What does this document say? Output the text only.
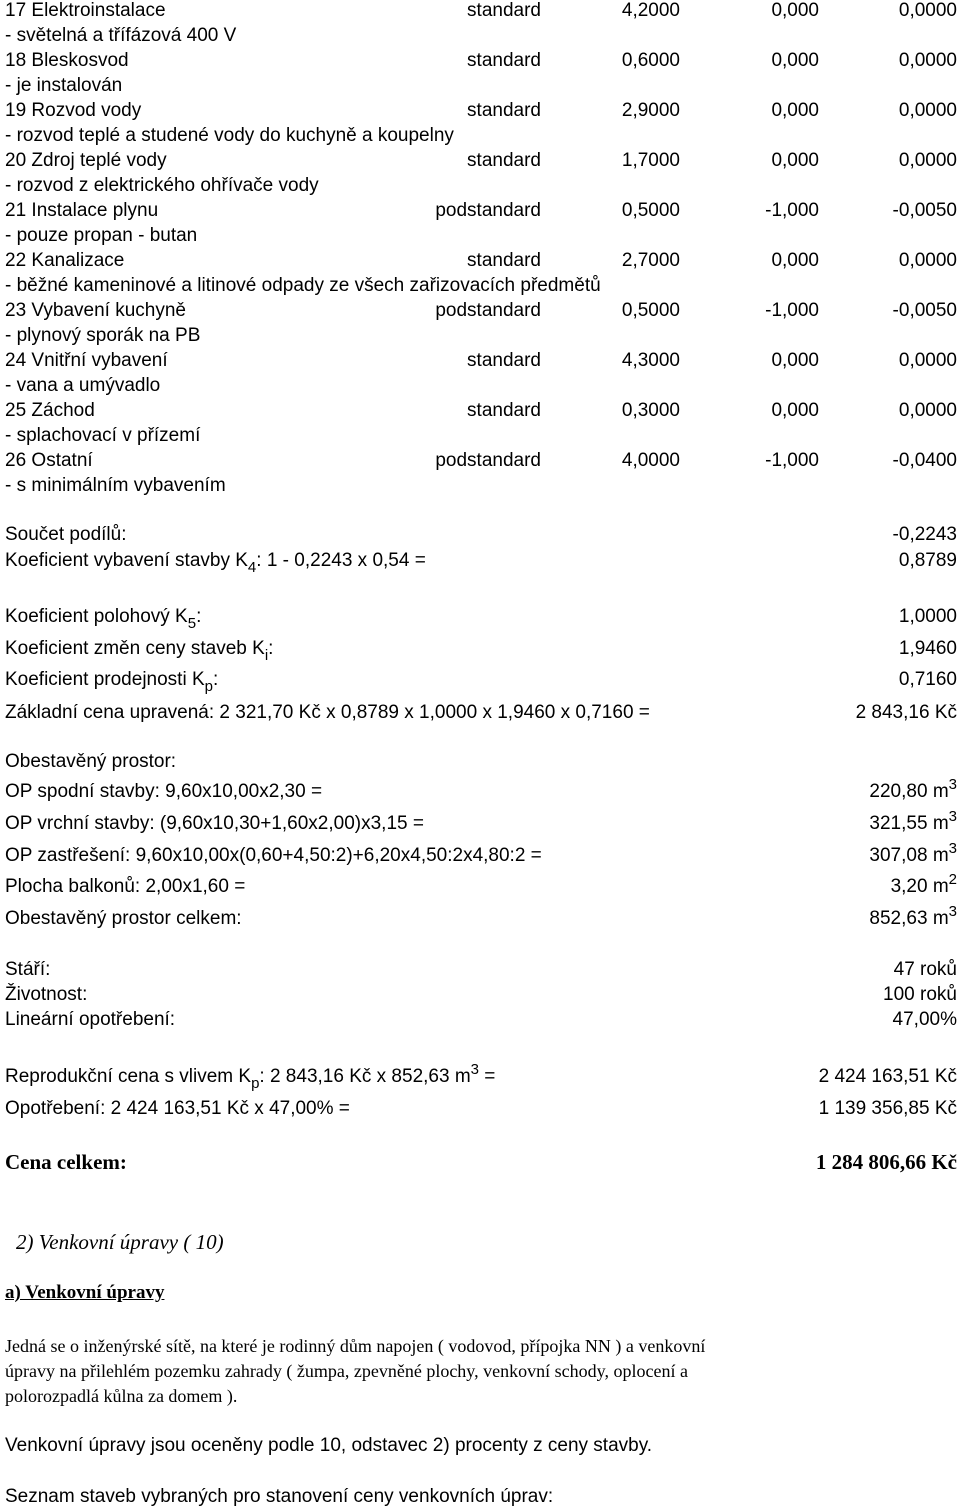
17 Elektroinstalace	standard	4,2000	0,000	0,0000
- světelná a třífázová 400 V
18 Bleskosvod	standard	0,6000	0,000	0,0000
- je instalován
19 Rozvod vody	standard	2,9000	0,000	0,0000
- rozvod teplé a studené vody do kuchyně a koupelny
20 Zdroj teplé vody	standard	1,7000	0,000	0,0000
- rozvod z elektrického ohřívače vody
21 Instalace plynu	podstandard	0,5000	-1,000	-0,0050
- pouze propan - butan
22 Kanalizace	standard	2,7000	0,000	0,0000
- běžné kameninové a litinové odpady ze všech zařizovacích předmětů
23 Vybavení kuchyně	podstandard	0,5000	-1,000	-0,0050
- plynový sporák na PB
24 Vnitřní vybavení	standard	4,3000	0,000	0,0000
- vana a umývadlo
25 Záchod	standard	0,3000	0,000	0,0000
- splachovací v přízemí
26 Ostatní	podstandard	4,0000	-1,000	-0,0400
- s minimálním vybavením
Součet podílů:	-0,2243
Koeficient vybavení stavby $K_4$: 1 - 0,2243 x 0,54 =	0,8789
Koeficient polohový $K_5$:	1,0000
Koeficient změn ceny staveb $K_i$:	1,9460
Koeficient prodejnosti $K_p$:	0,7160
Základní cena upravená: 2 321,70 Kč x 0,8789 x 1,0000 x 1,9460 x 0,7160 =	2 843,16 Kč
Obestavěný prostor:
OP spodní stavby: 9,60x10,00x2,30 =	220,80 $m^3$
OP vrchní stavby: (9,60x10,30+1,60x2,00)x3,15 =	321,55 $m^3$
OP zastřešení: 9,60x10,00x(0,60+4,50:2)+6,20x4,50:2x4,80:2 =	307,08 $m^3$
Plocha balkonů: 2,00x1,60 =	3,20 $m^2$
Obestavěný prostor celkem:	852,63 $m^3$
Stáří:	47 roků
Životnost:	100 roků
Lineární opotřebení:	47,00%
Reprodukční cena s vlivem $K_p$: 2 843,16 Kč x 852,63 $m^3$ =	2 424 163,51 Kč
Opotřebení: 2 424 163,51 Kč x 47,00% =	1 139 356,85 Kč
Cena celkem:	1 284 806,66 Kč
2) Venkovní úpravy ( 10)
a) Venkovní úpravy
Jedná se o inženýrské sítě, na které je rodinný dům napojen ( vodovod, přípojka NN ) a venkovní
úpravy na přilehlém pozemku zahrady ( žumpa, zpevněné plochy, venkovní schody, oplocení a
polorozpadlá kůlna za domem ).
Venkovní úpravy jsou oceněny podle 10, odstavec 2) procenty z ceny stavby.
Seznam staveb vybraných pro stanovení ceny venkovních úprav:
